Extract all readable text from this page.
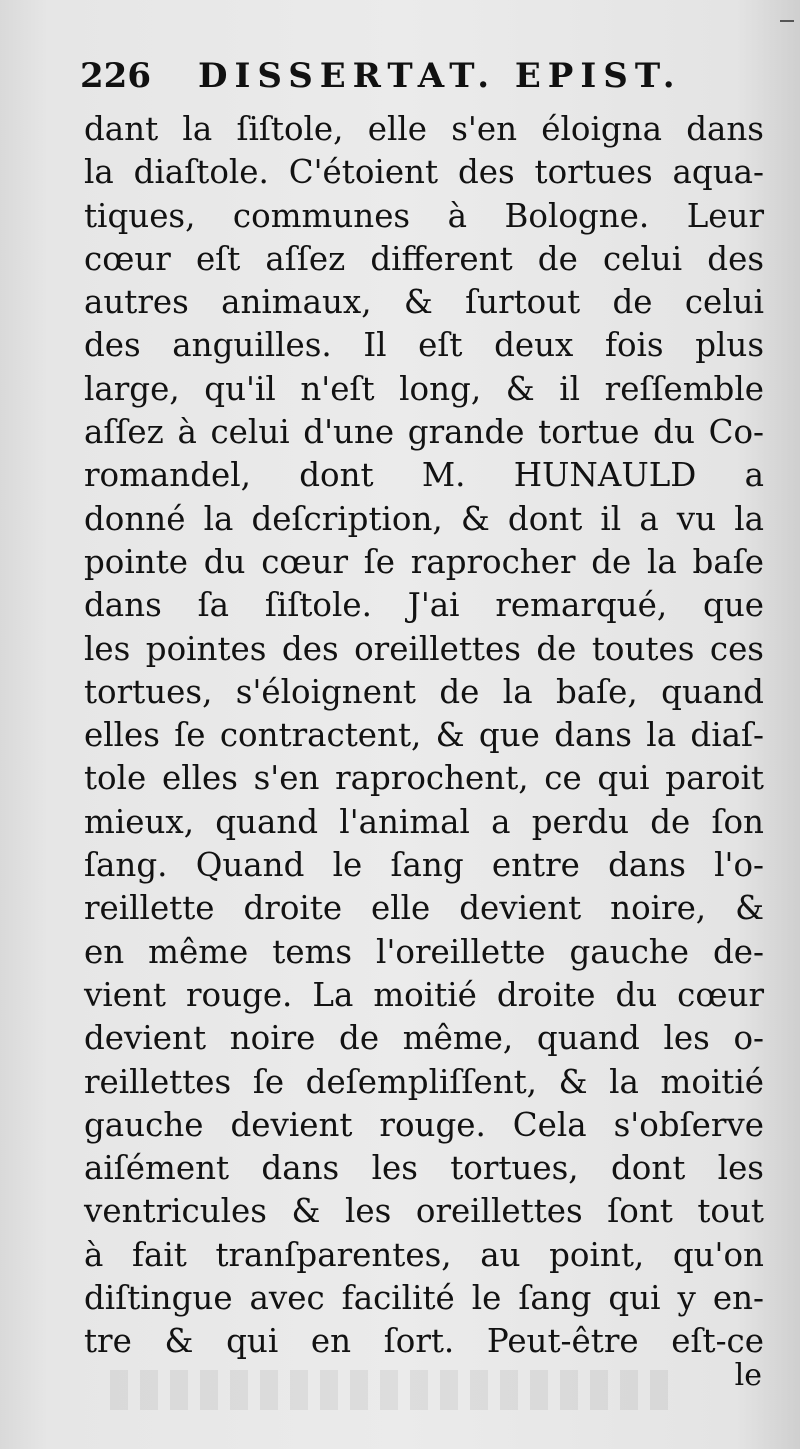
226 DISSERTAT. EPIST.
dant la ſiſtole, elle s'en éloigna dans
la diaſtole. C'étoient des tortues aqua-
tiques, communes à Bologne. Leur
cœur eſt aſſez different de celui des
autres animaux, & ſurtout de celui
des anguilles. Il eſt deux fois plus
large, qu'il n'eſt long, & il reſſemble
aſſez à celui d'une grande tortue du Co-
romandel, dont M. HUNAULD a
donné la deſcription, & dont il a vu la
pointe du cœur ſe raprocher de la baſe
dans ſa ſiſtole. J'ai remarqué, que
les pointes des oreillettes de toutes ces
tortues, s'éloignent de la baſe, quand
elles ſe contractent, & que dans la diaſ-
tole elles s'en raprochent, ce qui paroit
mieux, quand l'animal a perdu de ſon
ſang. Quand le ſang entre dans l'o-
reillette droite elle devient noire, &
en même tems l'oreillette gauche de-
vient rouge. La moitié droite du cœur
devient noire de même, quand les o-
reillettes ſe deſempliſſent, & la moitié
gauche devient rouge. Cela s'obſerve
aiſément dans les tortues, dont les
ventricules & les oreillettes ſont tout
à fait tranſparentes, au point, qu'on
diſtingue avec facilité le ſang qui y en-
tre & qui en ſort. Peut-être eſt-ce
le
